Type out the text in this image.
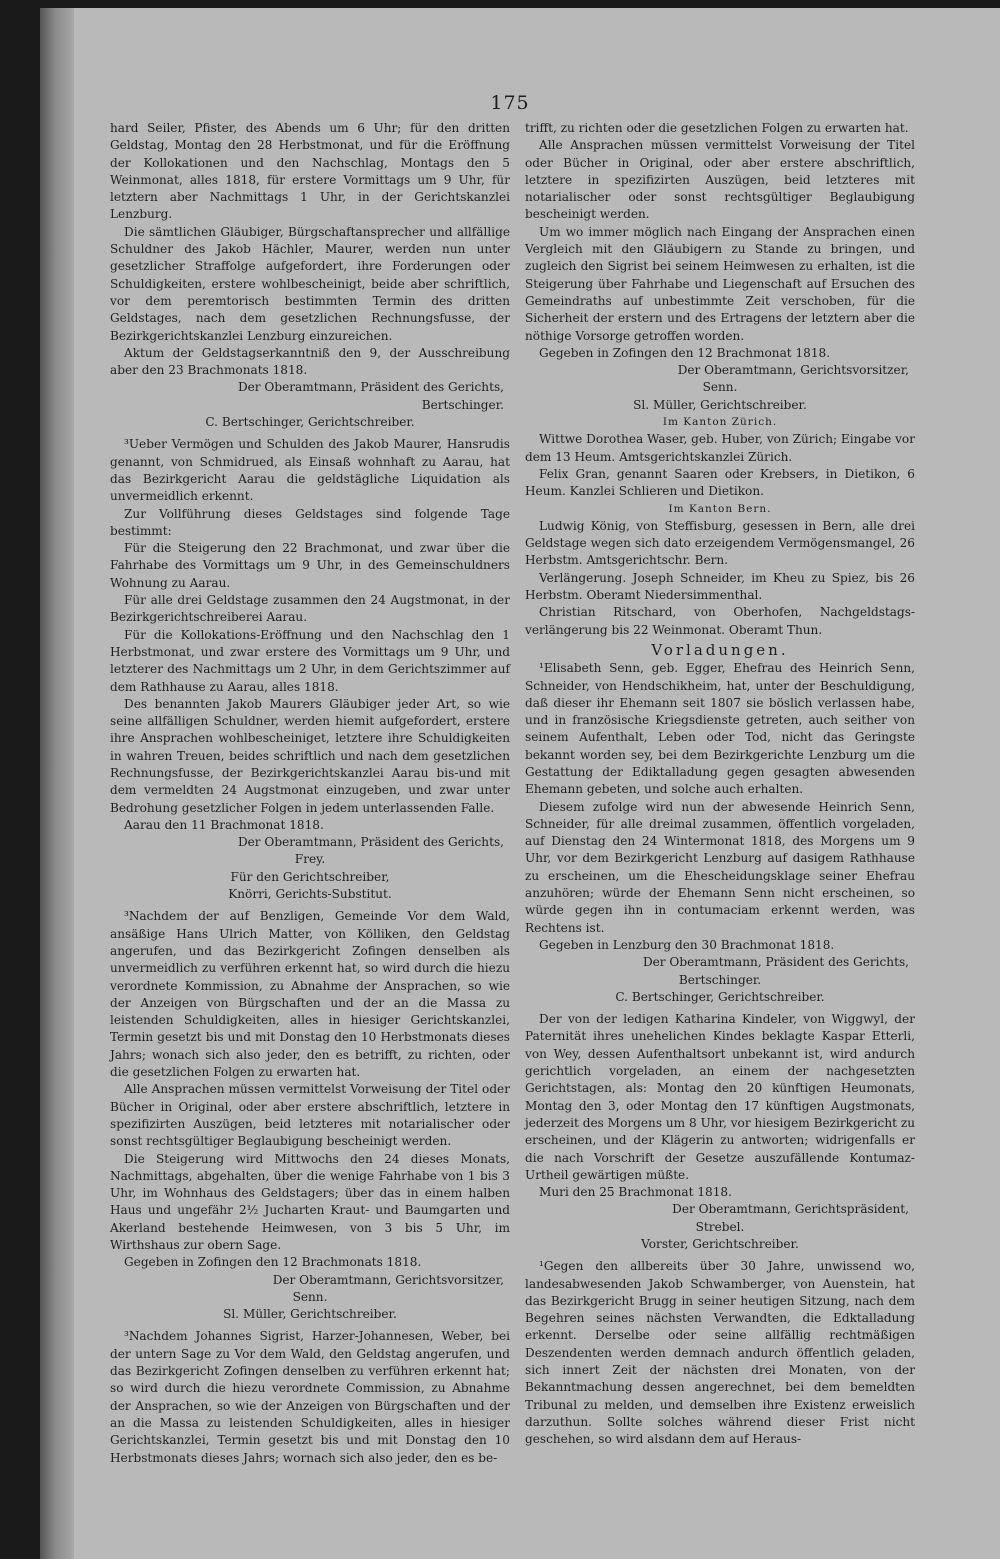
175

hard Seiler, Pfister, des Abends um 6 Uhr; für den dritten Geldstag, Montag den 28 Herbstmonat, und für die Eröffnung der Kollokationen und den Nachschlag, Montags den 5 Weinmonat, alles 1818, für erstere Vormittags um 9 Uhr, für letztern aber Nachmittags 1 Uhr, in der Gerichtskanzlei Lenzburg.

Die sämtlichen Gläubiger, Bürgschaftansprecher und allfällige Schuldner des Jakob Hächler, Maurer, werden nun unter gesetzlicher Straffolge aufgefordert, ihre Forderungen oder Schuldigkeiten, erstere wohlbescheinigt, beide aber schriftlich, vor dem peremtorisch bestimmten Termin des dritten Geldstages, nach dem gesetzlichen Rechnungsfusse, der Bezirkgerichtskanzlei Lenzburg einzureichen.

Aktum der Geldstagserkanntniß den 9, der Ausschreibung aber den 23 Brachmonats 1818.

Der Oberamtmann, Präsident des Gerichts,

Bertschinger.

C. Bertschinger, Gerichtschreiber.

³Ueber Vermögen und Schulden des Jakob Maurer, Hansrudis genannt, von Schmidrued, als Einsaß wohnhaft zu Aarau, hat das Bezirkgericht Aarau die geldstägliche Liquidation als unvermeidlich erkennt.

Zur Vollführung dieses Geldstages sind folgende Tage bestimmt:

Für die Steigerung den 22 Brachmonat, und zwar über die Fahrhabe des Vormittags um 9 Uhr, in des Gemeinschuldners Wohnung zu Aarau.

Für alle drei Geldstage zusammen den 24 Augstmonat, in der Bezirkgerichtschreiberei Aarau.

Für die Kollokations-Eröffnung und den Nachschlag den 1 Herbstmonat, und zwar erstere des Vormittags um 9 Uhr, und letzterer des Nachmittags um 2 Uhr, in dem Gerichtszimmer auf dem Rathhause zu Aarau, alles 1818.

Des benannten Jakob Maurers Gläubiger jeder Art, so wie seine allfälligen Schuldner, werden hiemit aufgefordert, erstere ihre Ansprachen wohlbescheiniget, letztere ihre Schuldigkeiten in wahren Treuen, beides schriftlich und nach dem gesetzlichen Rechnungsfusse, der Bezirkgerichtskanzlei Aarau bis-und mit dem vermeldten 24 Augstmonat einzugeben, und zwar unter Bedrohung gesetzlicher Folgen in jedem unterlassenden Falle.

Aarau den 11 Brachmonat 1818.

Der Oberamtmann, Präsident des Gerichts,

Frey.

Für den Gerichtschreiber,

Knörri, Gerichts-Substitut.

³Nachdem der auf Benzligen, Gemeinde Vor dem Wald, ansäßige Hans Ulrich Matter, von Kölliken, den Geldstag angerufen, und das Bezirkgericht Zofingen denselben als unvermeidlich zu verführen erkennt hat, so wird durch die hiezu verordnete Kommission, zu Abnahme der Ansprachen, so wie der Anzeigen von Bürgschaften und der an die Massa zu leistenden Schuldigkeiten, alles in hiesiger Gerichtskanzlei, Termin gesetzt bis und mit Donstag den 10 Herbstmonats dieses Jahrs; wonach sich also jeder, den es betrifft, zu richten, oder die gesetzlichen Folgen zu erwarten hat.

Alle Ansprachen müssen vermittelst Vorweisung der Titel oder Bücher in Original, oder aber erstere abschriftlich, letztere in spezifizirten Auszügen, beid letzteres mit notarialischer oder sonst rechtsgültiger Beglaubigung bescheinigt werden.

Die Steigerung wird Mittwochs den 24 dieses Monats, Nachmittags, abgehalten, über die wenige Fahrhabe von 1 bis 3 Uhr, im Wohnhaus des Geldstagers; über das in einem halben Haus und ungefähr 2½ Jucharten Kraut- und Baumgarten und Akerland bestehende Heimwesen, von 3 bis 5 Uhr, im Wirthshaus zur obern Sage.

Gegeben in Zofingen den 12 Brachmonats 1818.

Der Oberamtmann, Gerichtsvorsitzer,

Senn.

Sl. Müller, Gerichtschreiber.

³Nachdem Johannes Sigrist, Harzer-Johannesen, Weber, bei der untern Sage zu Vor dem Wald, den Geldstag angerufen, und das Bezirkgericht Zofingen denselben zu verführen erkennt hat; so wird durch die hiezu verordnete Commission, zu Abnahme der Ansprachen, so wie der Anzeigen von Bürgschaften und der an die Massa zu leistenden Schuldigkeiten, alles in hiesiger Gerichtskanzlei, Termin gesetzt bis und mit Donstag den 10 Herbstmonats dieses Jahrs; wornach sich also jeder, den es be-

trifft, zu richten oder die gesetzlichen Folgen zu erwarten hat.

Alle Ansprachen müssen vermittelst Vorweisung der Titel oder Bücher in Original, oder aber erstere abschriftlich, letztere in spezifizirten Auszügen, beid letzteres mit notarialischer oder sonst rechtsgültiger Beglaubigung bescheinigt werden.

Um wo immer möglich nach Eingang der Ansprachen einen Vergleich mit den Gläubigern zu Stande zu bringen, und zugleich den Sigrist bei seinem Heimwesen zu erhalten, ist die Steigerung über Fahrhabe und Liegenschaft auf Ersuchen des Gemeindraths auf unbestimmte Zeit verschoben, für die Sicherheit der erstern und des Ertragens der letztern aber die nöthige Vorsorge getroffen worden.

Gegeben in Zofingen den 12 Brachmonat 1818.

Der Oberamtmann, Gerichtsvorsitzer,

Senn.

Sl. Müller, Gerichtschreiber.

Im Kanton Zürich.

Wittwe Dorothea Waser, geb. Huber, von Zürich; Eingabe vor dem 13 Heum. Amtsgerichtskanzlei Zürich.

Felix Gran, genannt Saaren oder Krebsers, in Dietikon, 6 Heum. Kanzlei Schlieren und Dietikon.

Im Kanton Bern.

Ludwig König, von Steffisburg, gesessen in Bern, alle drei Geldstage wegen sich dato erzeigendem Vermögensmangel, 26 Herbstm. Amtsgerichtschr. Bern.

Verlängerung. Joseph Schneider, im Kheu zu Spiez, bis 26 Herbstm. Oberamt Niedersimmenthal.

Christian Ritschard, von Oberhofen, Nachgeldstags-verlängerung bis 22 Weinmonat. Oberamt Thun.

Vorladungen.

¹Elisabeth Senn, geb. Egger, Ehefrau des Heinrich Senn, Schneider, von Hendschikheim, hat, unter der Beschuldigung, daß dieser ihr Ehemann seit 1807 sie böslich verlassen habe, und in französische Kriegsdienste getreten, auch seither von seinem Aufenthalt, Leben oder Tod, nicht das Geringste bekannt worden sey, bei dem Bezirkgerichte Lenzburg um die Gestattung der Ediktalladung gegen gesagten abwesenden Ehemann gebeten, und solche auch erhalten.

Diesem zufolge wird nun der abwesende Heinrich Senn, Schneider, für alle dreimal zusammen, öffentlich vorgeladen, auf Dienstag den 24 Wintermonat 1818, des Morgens um 9 Uhr, vor dem Bezirkgericht Lenzburg auf dasigem Rathhause zu erscheinen, um die Ehescheidungsklage seiner Ehefrau anzuhören; würde der Ehemann Senn nicht erscheinen, so würde gegen ihn in contumaciam erkennt werden, was Rechtens ist.

Gegeben in Lenzburg den 30 Brachmonat 1818.

Der Oberamtmann, Präsident des Gerichts,

Bertschinger.

C. Bertschinger, Gerichtschreiber.

Der von der ledigen Katharina Kindeler, von Wiggwyl, der Paternität ihres unehelichen Kindes beklagte Kaspar Etterli, von Wey, dessen Aufenthaltsort unbekannt ist, wird andurch gerichtlich vorgeladen, an einem der nachgesetzten Gerichtstagen, als: Montag den 20 künftigen Heumonats, Montag den 3, oder Montag den 17 künftigen Augstmonats, jederzeit des Morgens um 8 Uhr, vor hiesigem Bezirkgericht zu erscheinen, und der Klägerin zu antworten; widrigenfalls er die nach Vorschrift der Gesetze auszufällende Kontumaz-Urtheil gewärtigen müßte.

Muri den 25 Brachmonat 1818.

Der Oberamtmann, Gerichtspräsident,

Strebel.

Vorster, Gerichtschreiber.

¹Gegen den allbereits über 30 Jahre, unwissend wo, landesabwesenden Jakob Schwamberger, von Auenstein, hat das Bezirkgericht Brugg in seiner heutigen Sitzung, nach dem Begehren seines nächsten Verwandten, die Edktalladung erkennt. Derselbe oder seine allfällig rechtmäßigen Deszendenten werden demnach andurch öffentlich geladen, sich innert Zeit der nächsten drei Monaten, von der Bekanntmachung dessen angerechnet, bei dem bemeldten Tribunal zu melden, und demselben ihre Existenz erweislich darzuthun. Sollte solches während dieser Frist nicht geschehen, so wird alsdann dem auf Heraus-
